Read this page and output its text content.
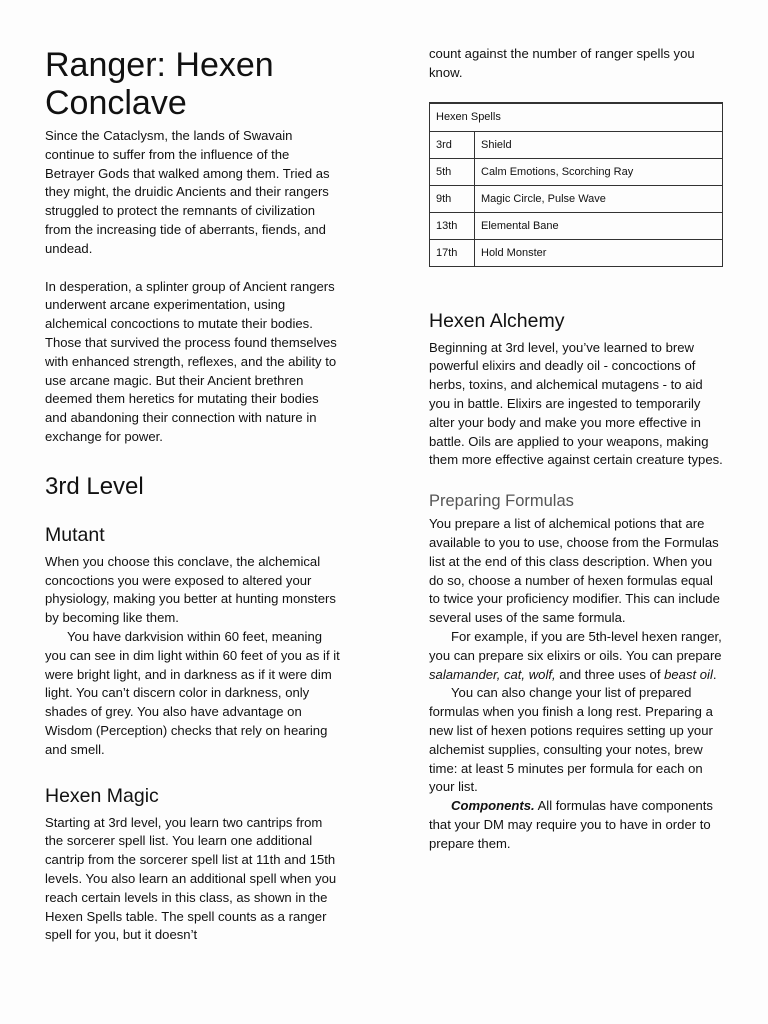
Ranger: Hexen Conclave

Since the Cataclysm, the lands of Swavain continue to suffer from the influence of the Betrayer Gods that walked among them. Tried as they might, the druidic Ancients and their rangers struggled to protect the remnants of civilization from the increasing tide of aberrants, fiends, and undead.

In desperation, a splinter group of Ancient rangers underwent arcane experimentation, using alchemical concoctions to mutate their bodies. Those that survived the process found themselves with enhanced strength, reflexes, and the ability to use arcane magic. But their Ancient brethren deemed them heretics for mutating their bodies and abandoning their connection with nature in exchange for power.

3rd Level
Mutant

When you choose this conclave, the alchemical concoctions you were exposed to altered your physiology, making you better at hunting monsters by becoming like them.

You have darkvision within 60 feet, meaning you can see in dim light within 60 feet of you as if it were bright light, and in darkness as if it were dim light. You can’t discern color in darkness, only shades of grey. You also have advantage on Wisdom (Perception) checks that rely on hearing and smell.

Hexen Magic

Starting at 3rd level, you learn two cantrips from the sorcerer spell list. You learn one additional cantrip from the sorcerer spell list at 11th and 15th levels. You also learn an additional spell when you reach certain levels in this class, as shown in the Hexen Spells table. The spell counts as a ranger spell for you, but it doesn’t

count against the number of ranger spells you know.

Hexen Spells	
3rd	Shield
5th	Calm Emotions, Scorching Ray
9th	Magic Circle, Pulse Wave
13th	Elemental Bane
17th	Hold Monster
Hexen Alchemy

Beginning at 3rd level, you’ve learned to brew powerful elixirs and deadly oil - concoctions of herbs, toxins, and alchemical mutagens - to aid you in battle. Elixirs are ingested to temporarily alter your body and make you more effective in battle. Oils are applied to your weapons, making them more effective against certain creature types.

Preparing Formulas

You prepare a list of alchemical potions that are available to you to use, choose from the Formulas list at the end of this class description. When you do so, choose a number of hexen formulas equal to twice your proficiency modifier. This can include several uses of the same formula.

For example, if you are 5th-level hexen ranger, you can prepare six elixirs or oils. You can prepare salamander, cat, wolf, and three uses of beast oil.

You can also change your list of prepared formulas when you finish a long rest. Preparing a new list of hexen potions requires setting up your alchemist supplies, consulting your notes, brew time: at least 5 minutes per formula for each on your list.

Components. All formulas have components that your DM may require you to have in order to prepare them.
